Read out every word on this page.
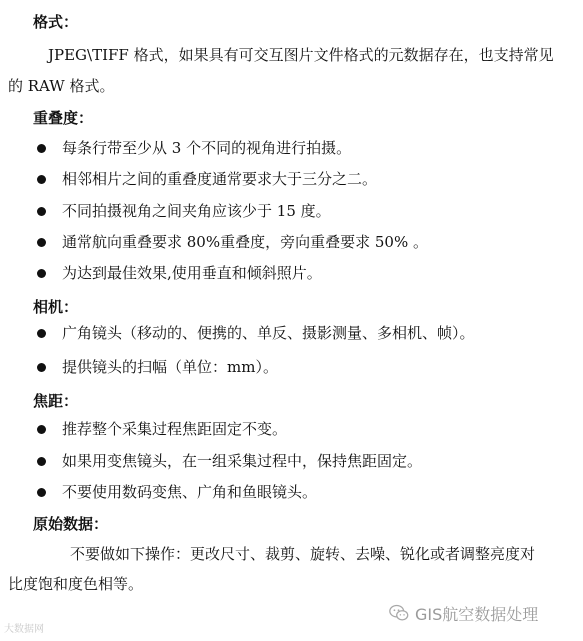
格式：
JPEG\TIFF 格式，如果具有可交互图片文件格式的元数据存在，也支持常见
的 RAW 格式。
重叠度：
每条行带至少从 3 个不同的视角进行拍摄。
相邻相片之间的重叠度通常要求大于三分之二。
不同拍摄视角之间夹角应该少于 15 度。
通常航向重叠要求 80%重叠度，旁向重叠要求 50% 。
为达到最佳效果,使用垂直和倾斜照片。
相机：
广角镜头（移动的、便携的、单反、摄影测量、多相机、帧）。
提供镜头的扫幅（单位：mm）。
焦距：
推荐整个采集过程焦距固定不变。
如果用变焦镜头，在一组采集过程中，保持焦距固定。
不要使用数码变焦、广角和鱼眼镜头。
原始数据：
不要做如下操作：更改尺寸、裁剪、旋转、去噪、锐化或者调整亮度对
比度饱和度色相等。
大数据网
GIS航空数据处理
